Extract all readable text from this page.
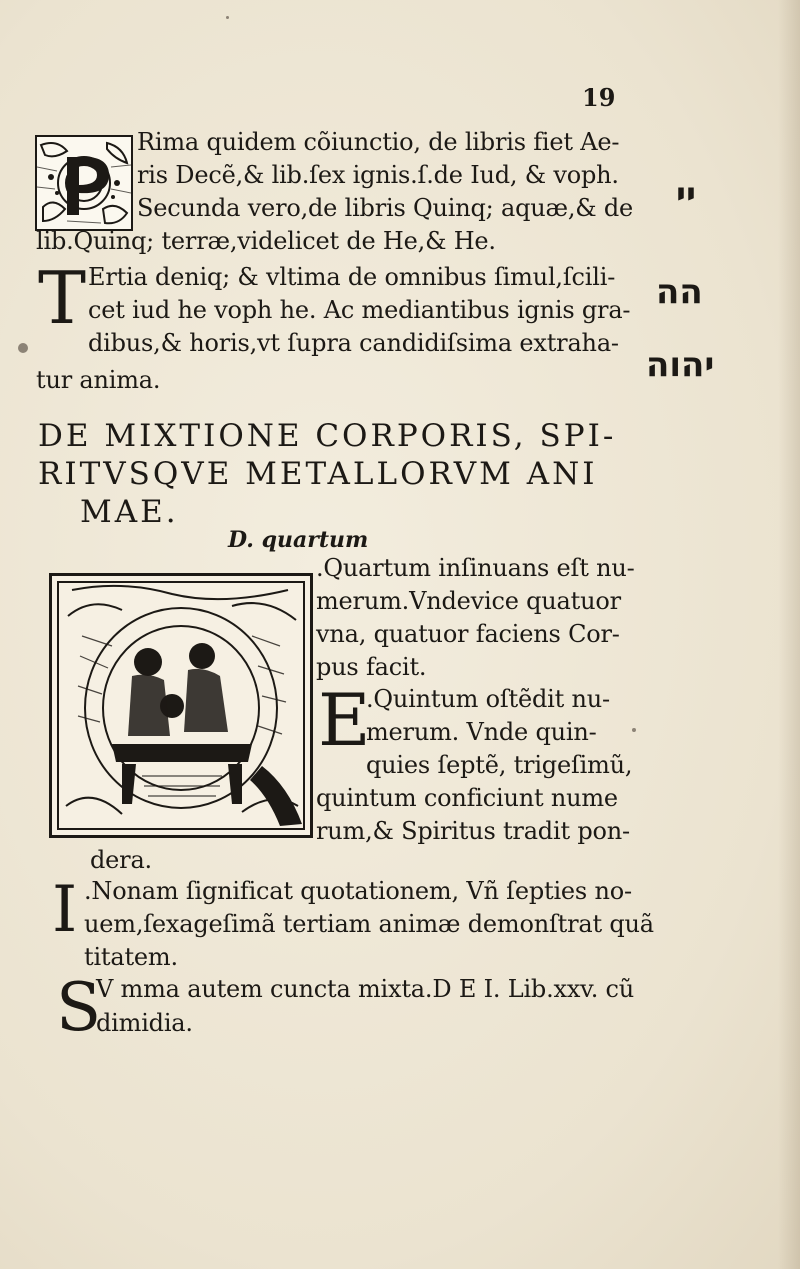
19
Rima quidem cõiunctio, de libris fiet Ae-
ris Decẽ,& lib.ſex ignis.ſ.de Iud, & voph.
Secunda vero,de libris Quinq; aquæ,& de
lib.Quinq; terræ,videlicet de He,& He.
T Ertia deniq; & vltima de omnibus ſimul,ſcili-
cet iud he voph he. Ac mediantibus ignis gra-
dibus,& horis,vt ſupra candidiſsima extraha-
tur anima.
DE MIXTIONE CORPORIS, SPI-
RITVSQVE METALLORVM ANI
MAE.
D. quartum
.Quartum inſinuans eſt nu-
merum.Vndevice quatuor
vna, quatuor faciens Cor-
pus facit.
E
.Quintum oſtẽdit nu-
merum. Vnde quin-
quies ſeptẽ, trigeſimũ,
quintum conficiunt nume
rum,& Spiritus tradit pon-
dera.
I .Nonam ſignificat quotationem, Vñ ſepties no-
uem,ſexageſimã tertiam animæ demonſtrat quã
titatem.
S
V mma autem cuncta mixta.D E I. Lib.xxv. cũ
dimidia.
יי
הה
יהוה
